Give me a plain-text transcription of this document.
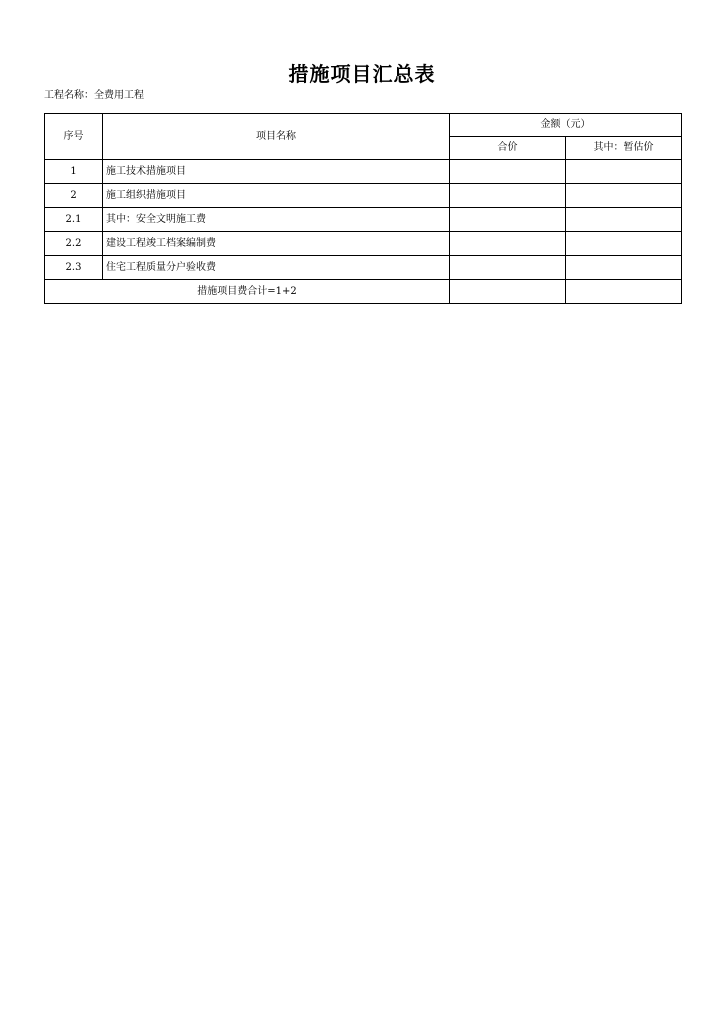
措施项目汇总表
工程名称：全费用工程
序号	项目名称	金额（元）	
		合价	其中：暂估价
1	施工技术措施项目		
2	施工组织措施项目		
2.1	其中：安全文明施工费		
2.2	建设工程竣工档案编制费		
2.3	住宅工程质量分户验收费		
措施项目费合计=1+2			
